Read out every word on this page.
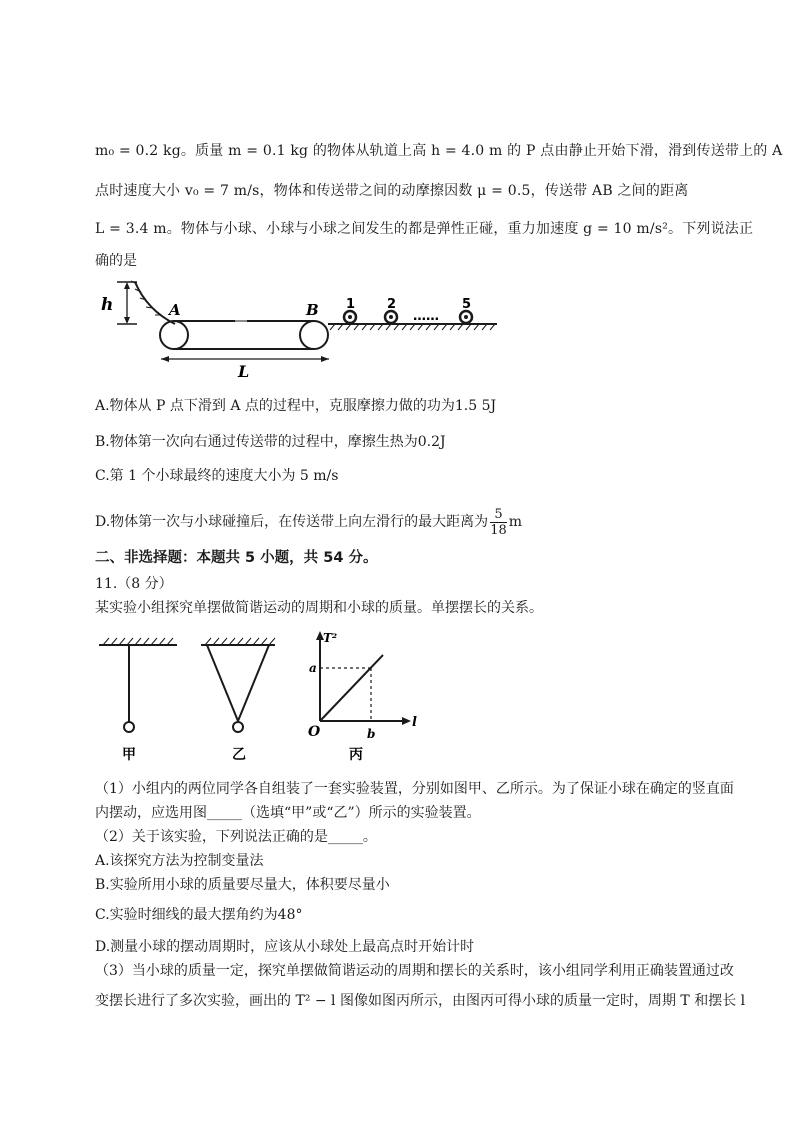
m₀ = 0.2 kg。质量 m = 0.1 kg 的物体从轨道上高 h = 4.0 m 的 P 点由静止开始下滑，滑到传送带上的 A
点时速度大小 v₀ = 7 m/s，物体和传送带之间的动摩擦因数 μ = 0.5，传送带 AB 之间的距离
L = 3.4 m。物体与小球、小球与小球之间发生的都是弹性正碰，重力加速度 g = 10 m/s²。下列说法正
确的是
h	A	B
L
1 2
……
5
A.物体从 P 点下滑到 A 点的过程中，克服摩擦力做的功为1.5 5J
B.物体第一次向右通过传送带的过程中，摩擦生热为0.2J
C.第 1 个小球最终的速度大小为 5 m/s
D.物体第一次与小球碰撞后，在传送带上向左滑行的最大距离为 $\frac{5}{18}$ m
二、非选择题：本题共 5 小题，共 54 分。
11.（8 分）
某实验小组探究单摆做简谐运动的周期和小球的质量。单摆摆长的关系。
甲	乙
T²
l
a
b
O
丙
（1）小组内的两位同学各自组装了一套实验装置，分别如图甲、乙所示。为了保证小球在确定的竖直面
内摆动，应选用图_____（选填“甲”或“乙”）所示的实验装置。
（2）关于该实验，下列说法正确的是_____。
A.该探究方法为控制变量法
B.实验所用小球的质量要尽量大，体积要尽量小
C.实验时细线的最大摆角约为48°
D.测量小球的摆动周期时，应该从小球处上最高点时开始计时
（3）当小球的质量一定，探究单摆做简谐运动的周期和摆长的关系时，该小组同学利用正确装置通过改
变摆长进行了多次实验，画出的 T² − l 图像如图丙所示，由图丙可得小球的质量一定时，周期 T 和摆长 l
